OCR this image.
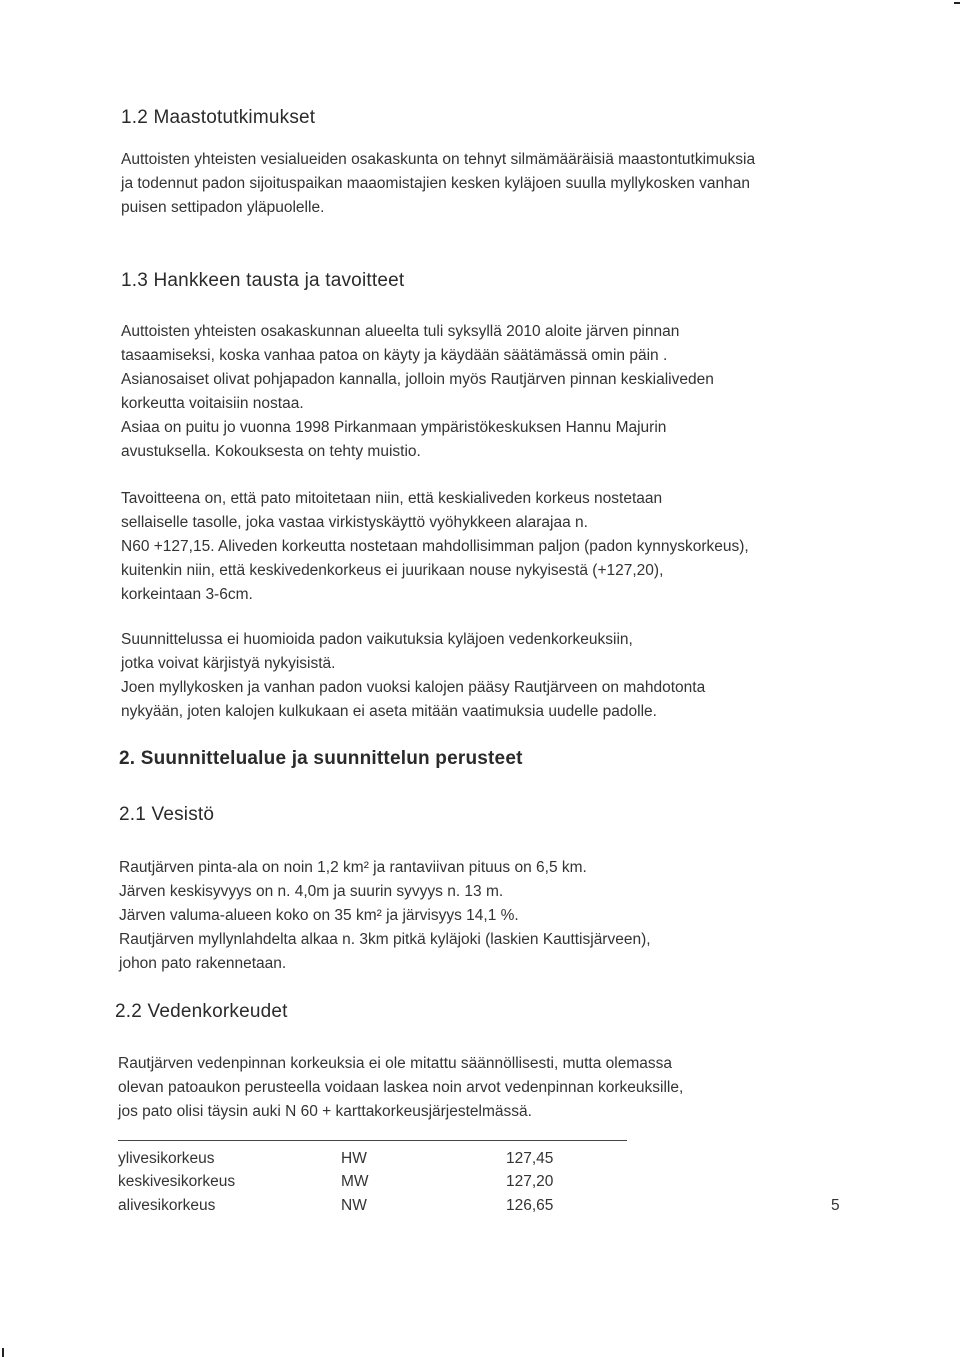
1.2 Maastotutkimukset
Auttoisten yhteisten vesialueiden osakaskunta on tehnyt silmämääräisiä maastontutkimuksia
ja todennut padon sijoituspaikan maaomistajien kesken kyläjoen suulla myllykosken vanhan
puisen settipadon yläpuolelle.
1.3 Hankkeen tausta ja tavoitteet
Auttoisten yhteisten osakaskunnan alueelta tuli syksyllä 2010 aloite järven pinnan
tasaamiseksi, koska vanhaa patoa on käyty ja käydään säätämässä omin päin .
Asianosaiset olivat pohjapadon kannalla, jolloin myös Rautjärven pinnan keskialiveden
korkeutta voitaisiin nostaa.
Asiaa on puitu jo vuonna 1998 Pirkanmaan ympäristökeskuksen Hannu Majurin
avustuksella. Kokouksesta on tehty muistio.
Tavoitteena on, että pato mitoitetaan niin, että keskialiveden korkeus nostetaan
sellaiselle tasolle, joka vastaa virkistyskäyttö vyöhykkeen alarajaa n.
N60 +127,15. Aliveden korkeutta nostetaan mahdollisimman paljon (padon kynnyskorkeus),
kuitenkin niin, että keskivedenkorkeus ei juurikaan nouse nykyisestä (+127,20),
korkeintaan 3-6cm.
Suunnittelussa ei huomioida padon vaikutuksia kyläjoen vedenkorkeuksiin,
jotka voivat kärjistyä nykyisistä.
Joen myllykosken ja vanhan padon vuoksi kalojen pääsy Rautjärveen on mahdotonta
nykyään, joten kalojen kulkukaan ei aseta mitään vaatimuksia uudelle padolle.
2. Suunnittelualue ja suunnittelun perusteet
2.1 Vesistö
Rautjärven pinta-ala on noin 1,2 km² ja rantaviivan pituus on 6,5 km.
Järven keskisyvyys on n. 4,0m ja suurin syvyys n. 13 m.
Järven valuma-alueen koko on 35 km² ja järvisyys 14,1 %.
Rautjärven myllynlahdelta alkaa n. 3km pitkä kyläjoki (laskien Kauttisjärveen),
johon pato rakennetaan.
2.2 Vedenkorkeudet
Rautjärven vedenpinnan korkeuksia ei ole mitattu säännöllisesti, mutta olemassa
olevan patoaukon perusteella voidaan laskea noin arvot vedenpinnan korkeuksille,
jos pato olisi täysin auki N 60 + karttakorkeusjärjestelmässä.
ylivesikorkeus	HW	127,45
keskivesikorkeus	MW	127,20
alivesikorkeus	NW	126,65	5
